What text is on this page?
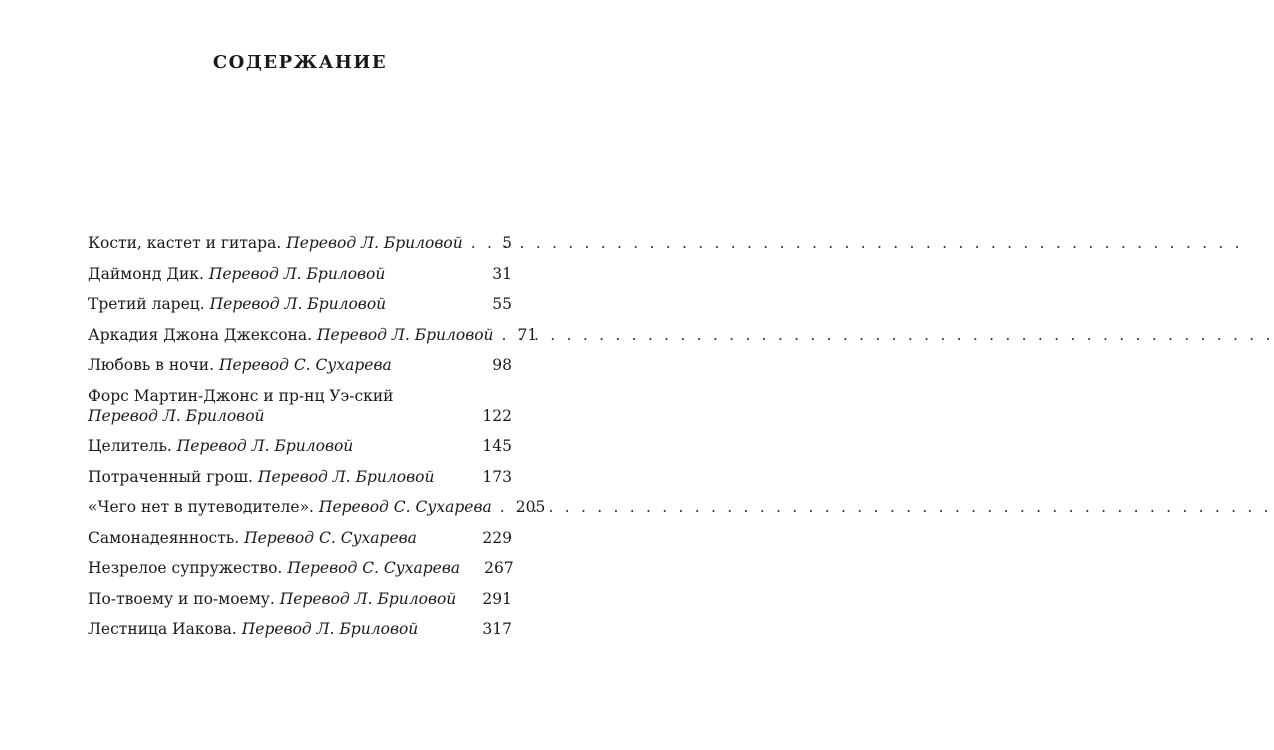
СОДЕРЖАНИЕ
Кости, кастет и гитара. Перевод Л. Бриловой . . .	5
Даймонд Дик. Перевод Л. Бриловой	31
Третий ларец. Перевод Л. Бриловой	55
Аркадия Джона Джексона. Перевод Л. Бриловой . . . 71
Любовь в ночи. Перевод С. Сухарева	98
Форс Мартин-Джонс и пр-нц Уэ-ский
Перевод Л. Бриловой	122
Целитель. Перевод Л. Бриловой	145
Потраченный грош. Перевод Л. Бриловой	173
«Чего нет в путеводителе». Перевод С. Сухарева . . . 205
Самонадеянность. Перевод С. Сухарева	229
Незрелое супружество. Перевод С. Сухарева 267
По-твоему и по-моему. Перевод Л. Бриловой 291
Лестница Иакова. Перевод Л. Бриловой	317
